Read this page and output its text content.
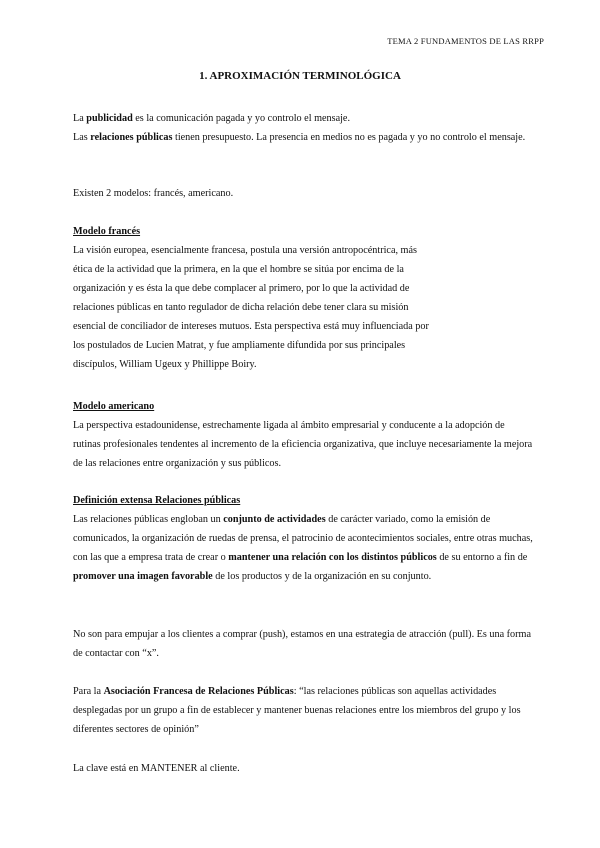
TEMA 2 FUNDAMENTOS DE LAS RRPP
1. APROXIMACIÓN TERMINOLÓGICA

La publicidad es la comunicación pagada y yo controlo el mensaje.

Las relaciones públicas tienen presupuesto. La presencia en medios no es pagada y yo no controlo el mensaje.

Existen 2 modelos: francés, americano.

Modelo francés

La visión europea, esencialmente francesa, postula una versión antropocéntrica, más

ética de la actividad que la primera, en la que el hombre se sitúa por encima de la

organización y es ésta la que debe complacer al primero, por lo que la actividad de

relaciones públicas en tanto regulador de dicha relación debe tener clara su misión

esencial de conciliador de intereses mutuos. Esta perspectiva está muy influenciada por

los postulados de Lucien Matrat, y fue ampliamente difundida por sus principales

discípulos, William Ugeux y Phillippe Boiry.

Modelo americano

La perspectiva estadounidense, estrechamente ligada al ámbito empresarial y conducente a la adopción de rutinas profesionales tendentes al incremento de la eficiencia organizativa, que incluye necesariamente la mejora de las relaciones entre organización y sus públicos.

Definición extensa Relaciones públicas

Las relaciones públicas engloban un conjunto de actividades de carácter variado, como la emisión de comunicados, la organización de ruedas de prensa, el patrocinio de acontecimientos sociales, entre otras muchas, con las que a empresa trata de crear o mantener una relación con los distintos públicos de su entorno a fin de promover una imagen favorable de los productos y de la organización en su conjunto.

No son para empujar a los clientes a comprar (push), estamos en una estrategia de atracción (pull). Es una forma de contactar con “x”.

Para la Asociación Francesa de Relaciones Públicas: “las relaciones públicas son aquellas actividades desplegadas por un grupo a fin de establecer y mantener buenas relaciones entre los miembros del grupo y los diferentes sectores de opinión”

La clave está en MANTENER al cliente.
